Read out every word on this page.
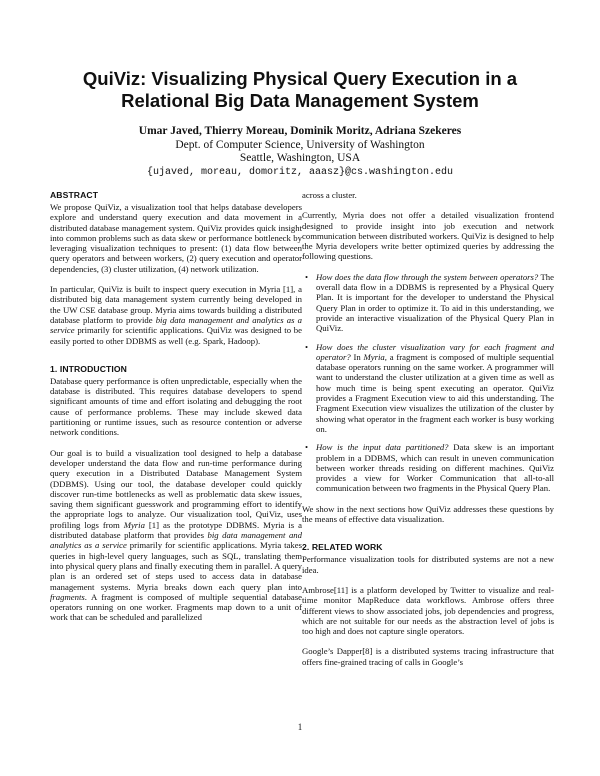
QuiViz: Visualizing Physical Query Execution in a
Relational Big Data Management System
Umar Javed, Thierry Moreau, Dominik Moritz, Adriana Szekeres
Dept. of Computer Science, University of Washington
Seattle, Washington, USA
{ujaved, moreau, domoritz, aaasz}@cs.washington.edu
ABSTRACT

We propose QuiViz, a visualization tool that helps database developers explore and understand query execution and data movement in a distributed database management system. QuiViz provides quick insight into common problems such as data skew or performance bottleneck by leveraging visualization techniques to present: (1) data flow between query operators and between workers, (2) query execution and operator dependencies, (3) cluster utilization, (4) network utilization.

In particular, QuiViz is built to inspect query execution in Myria [1], a distributed big data management system currently being developed in the UW CSE database group. Myria aims towards building a distributed database platform to provide big data management and analytics as a service primarily for scientific applications. QuiViz was designed to be easily ported to other DDBMS as well (e.g. Spark, Hadoop).

1. INTRODUCTION

Database query performance is often unpredictable, especially when the database is distributed. This requires database developers to spend significant amounts of time and effort isolating and debugging the root cause of performance problems. These may include skewed data partitioning or runtime issues, such as resource contention or adverse network conditions.

Our goal is to build a visualization tool designed to help a database developer understand the data flow and run-time performance during query execution in a Distributed Database Management System (DDBMS). Using our tool, the database developer could quickly discover run-time bottlenecks as well as problematic data skew issues, saving them significant guesswork and programming effort to identify the appropriate logs to analyze. Our visualization tool, QuiViz, uses profiling logs from Myria [1] as the prototype DDBMS. Myria is a distributed database platform that provides big data management and analytics as a service primarily for scientific applications. Myria takes queries in high-level query languages, such as SQL, translating them into physical query plans and finally executing them in parallel. A query plan is an ordered set of steps used to access data in database management systems. Myria breaks down each query plan into fragments. A fragment is composed of multiple sequential database operators running on one worker. Fragments map down to a unit of work that can be scheduled and parallelized

across a cluster.

Currently, Myria does not offer a detailed visualization frontend designed to provide insight into job execution and network communication between distributed workers. QuiViz is designed to help the Myria developers write better optimized queries by addressing the following questions.

• How does the data flow through the system between operators? The overall data flow in a DDBMS is represented by a Physical Query Plan. It is important for the developer to understand the Physical Query Plan in order to optimize it. To aid in this understanding, we provide an interactive visualization of the Physical Query Plan in QuiViz.
• How does the cluster visualization vary for each fragment and operator? In Myria, a fragment is composed of multiple sequential database operators running on the same worker. A programmer will want to understand the cluster utilization at a given time as well as how much time is being spent executing an operator. QuiViz provides a Fragment Execution view to aid this understanding. The Fragment Execution view visualizes the utilization of the cluster by showing what operator in the fragment each worker is busy working on.
• How is the input data partitioned? Data skew is an important problem in a DDBMS, which can result in uneven communication between worker threads residing on different machines. QuiViz provides a view for Worker Communication that all-to-all communication between two fragments in the Physical Query Plan.

We show in the next sections how QuiViz addresses these questions by the means of effective data visualization.

2. RELATED WORK

Performance visualization tools for distributed systems are not a new idea.

Ambrose[11] is a platform developed by Twitter to visualize and real-time monitor MapReduce data workflows. Ambrose offers three different views to show associated jobs, job dependencies and progress, which are not suitable for our needs as the abstraction level of jobs is too high and does not capture single operators.

Google’s Dapper[8] is a distributed systems tracing infrastructure that offers fine-grained tracing of calls in Google’s

1
